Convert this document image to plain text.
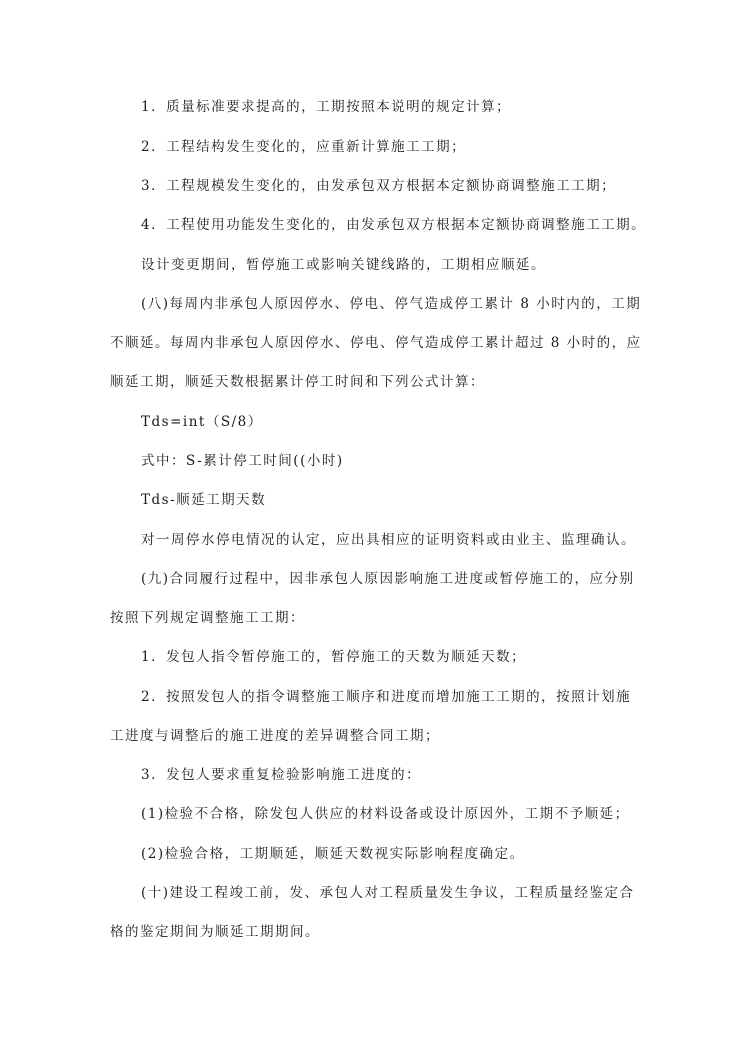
1．质量标准要求提高的，工期按照本说明的规定计算；
2．工程结构发生变化的，应重新计算施工工期；
3．工程规模发生变化的，由发承包双方根据本定额协商调整施工工期；
4．工程使用功能发生变化的，由发承包双方根据本定额协商调整施工工期。
设计变更期间，暂停施工或影响关键线路的，工期相应顺延。
(八)每周内非承包人原因停水、停电、停气造成停工累计 8 小时内的，工期
不顺延。每周内非承包人原因停水、停电、停气造成停工累计超过 8 小时的，应
顺延工期，顺延天数根据累计停工时间和下列公式计算：
Tds=int（S/8）
式中：S-累计停工时间((小时)
Tds-顺延工期天数
对一周停水停电情况的认定，应出具相应的证明资料或由业主、监理确认。
(九)合同履行过程中，因非承包人原因影响施工进度或暂停施工的，应分别
按照下列规定调整施工工期：
1．发包人指令暂停施工的，暂停施工的天数为顺延天数；
2．按照发包人的指令调整施工顺序和进度而增加施工工期的，按照计划施
工进度与调整后的施工进度的差异调整合同工期；
3．发包人要求重复检验影响施工进度的：
(1)检验不合格，除发包人供应的材料设备或设计原因外，工期不予顺延；
(2)检验合格，工期顺延，顺延天数视实际影响程度确定。
(十)建设工程竣工前，发、承包人对工程质量发生争议，工程质量经鉴定合
格的鉴定期间为顺延工期期间。
